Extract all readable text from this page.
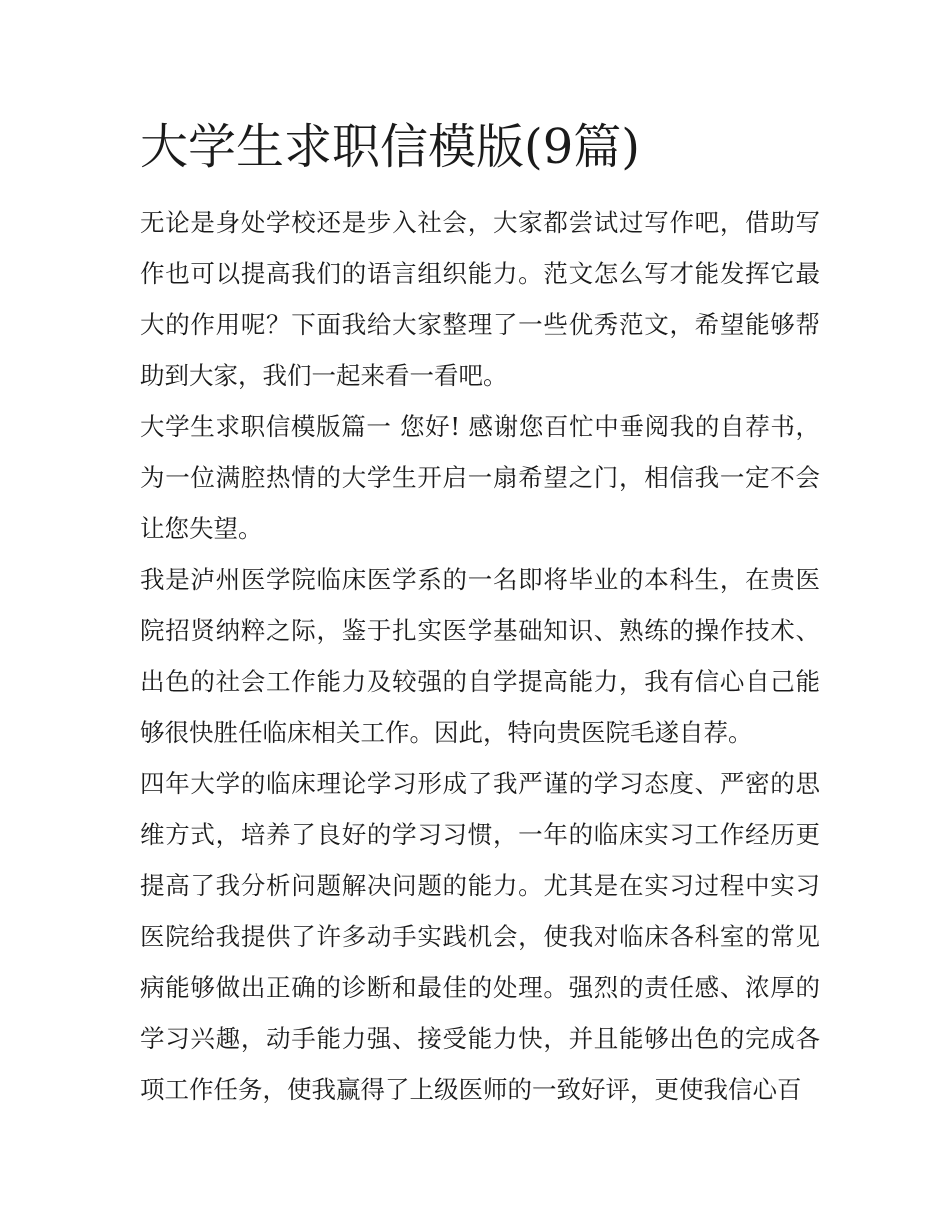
大学生求职信模版(9篇)

无论是身处学校还是步入社会，大家都尝试过写作吧，借助写作也可以提高我们的语言组织能力。范文怎么写才能发挥它最大的作用呢？下面我给大家整理了一些优秀范文，希望能够帮助到大家，我们一起来看一看吧。

大学生求职信模版篇一 您好! 感谢您百忙中垂阅我的自荐书，为一位满腔热情的大学生开启一扇希望之门，相信我一定不会让您失望。

我是泸州医学院临床医学系的一名即将毕业的本科生，在贵医院招贤纳粹之际，鉴于扎实医学基础知识、熟练的操作技术、出色的社会工作能力及较强的自学提高能力，我有信心自己能够很快胜任临床相关工作。因此，特向贵医院毛遂自荐。

四年大学的临床理论学习形成了我严谨的学习态度、严密的思维方式，培养了良好的学习习惯，一年的临床实习工作经历更提高了我分析问题解决问题的能力。尤其是在实习过程中实习医院给我提供了许多动手实践机会，使我对临床各科室的常见病能够做出正确的诊断和最佳的处理。强烈的责任感、浓厚的学习兴趣，动手能力强、接受能力快，并且能够出色的完成各项工作任务，使我赢得了上级医师的一致好评，更使我信心百
